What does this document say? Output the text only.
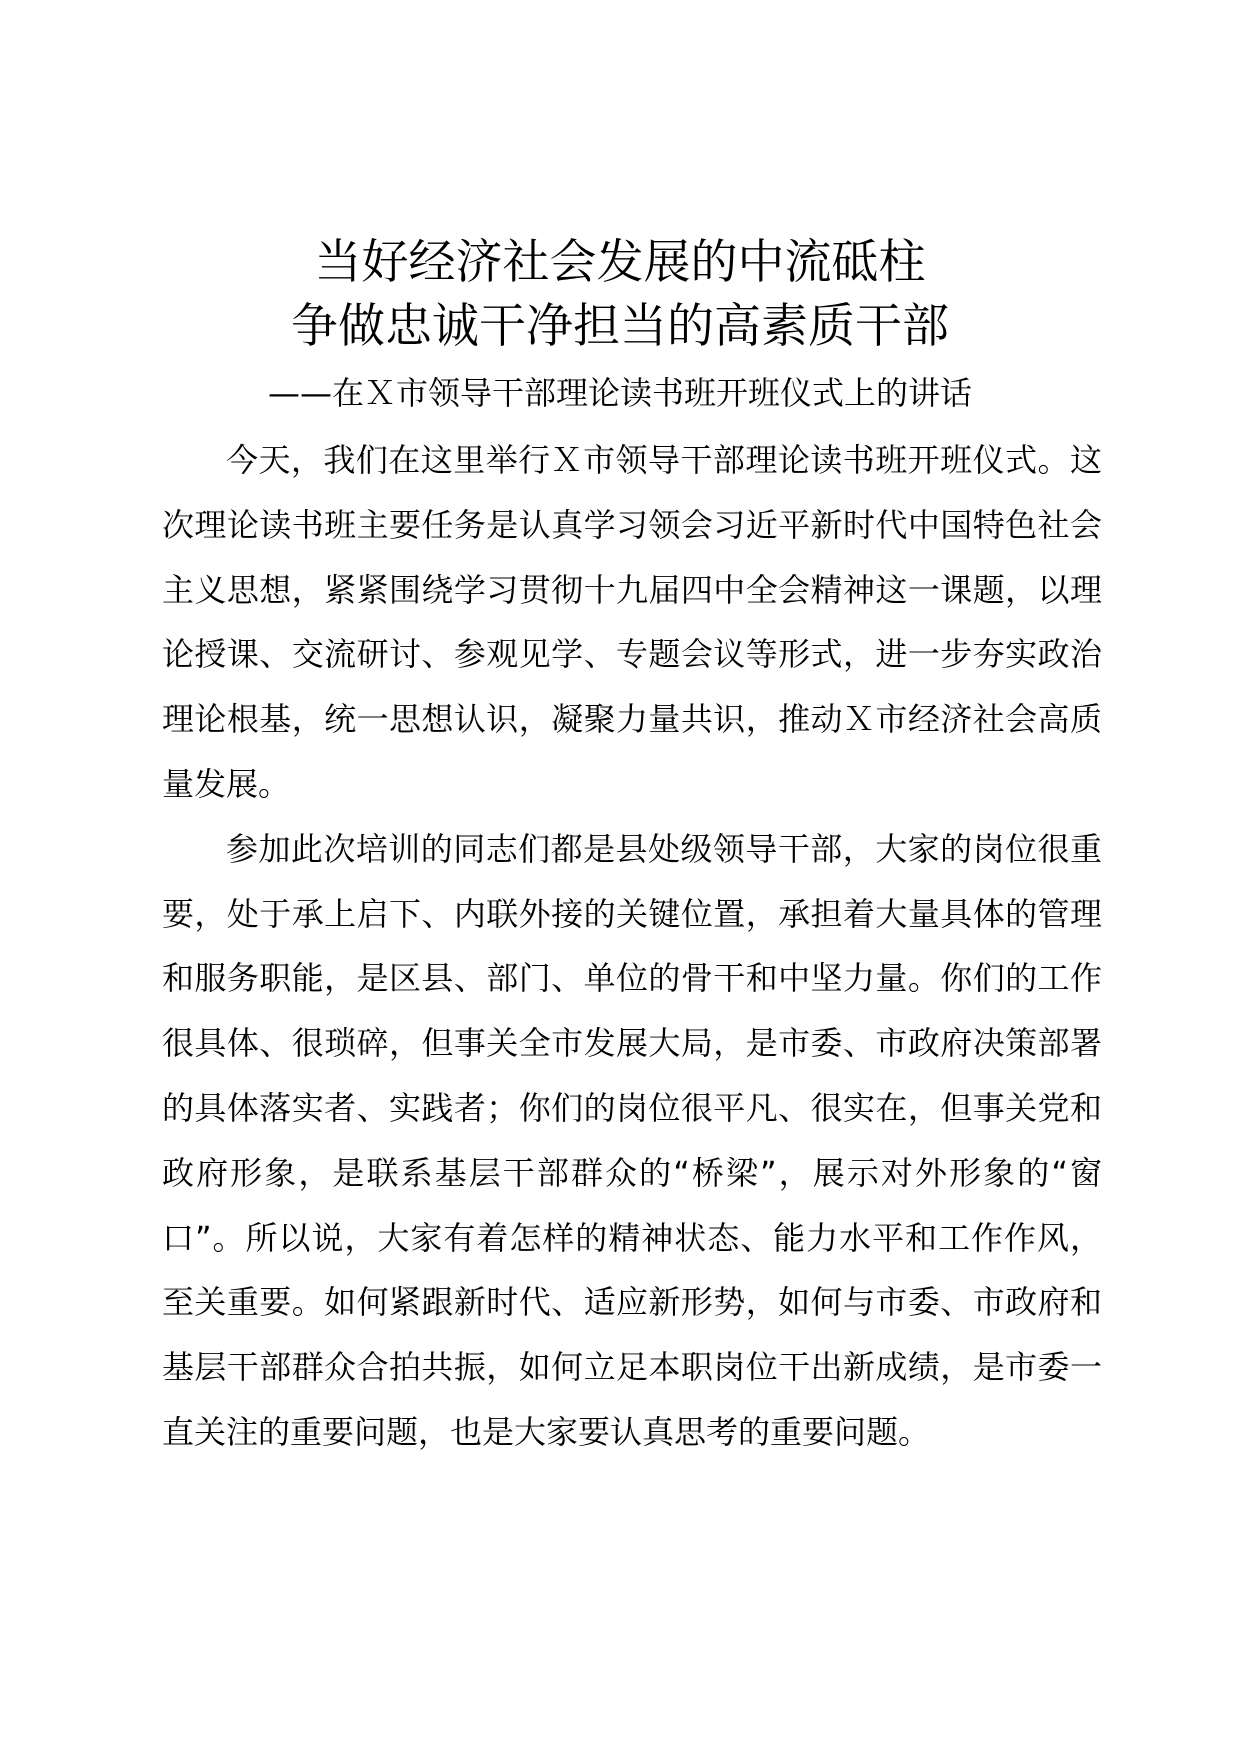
当好经济社会发展的中流砥柱
争做忠诚干净担当的高素质干部
——在Ｘ市领导干部理论读书班开班仪式上的讲话

今天，我们在这里举行Ｘ市领导干部理论读书班开班仪式。这次理论读书班主要任务是认真学习领会习近平新时代中国特色社会主义思想，紧紧围绕学习贯彻十九届四中全会精神这一课题，以理论授课、交流研讨、参观见学、专题会议等形式，进一步夯实政治理论根基，统一思想认识，凝聚力量共识，推动Ｘ市经济社会高质量发展。

参加此次培训的同志们都是县处级领导干部，大家的岗位很重要，处于承上启下、内联外接的关键位置，承担着大量具体的管理和服务职能，是区县、部门、单位的骨干和中坚力量。你们的工作很具体、很琐碎，但事关全市发展大局，是市委、市政府决策部署的具体落实者、实践者；你们的岗位很平凡、很实在，但事关党和政府形象，是联系基层干部群众的“桥梁”，展示对外形象的“窗口”。所以说，大家有着怎样的精神状态、能力水平和工作作风，至关重要。如何紧跟新时代、适应新形势，如何与市委、市政府和基层干部群众合拍共振，如何立足本职岗位干出新成绩，是市委一直关注的重要问题，也是大家要认真思考的重要问题。
